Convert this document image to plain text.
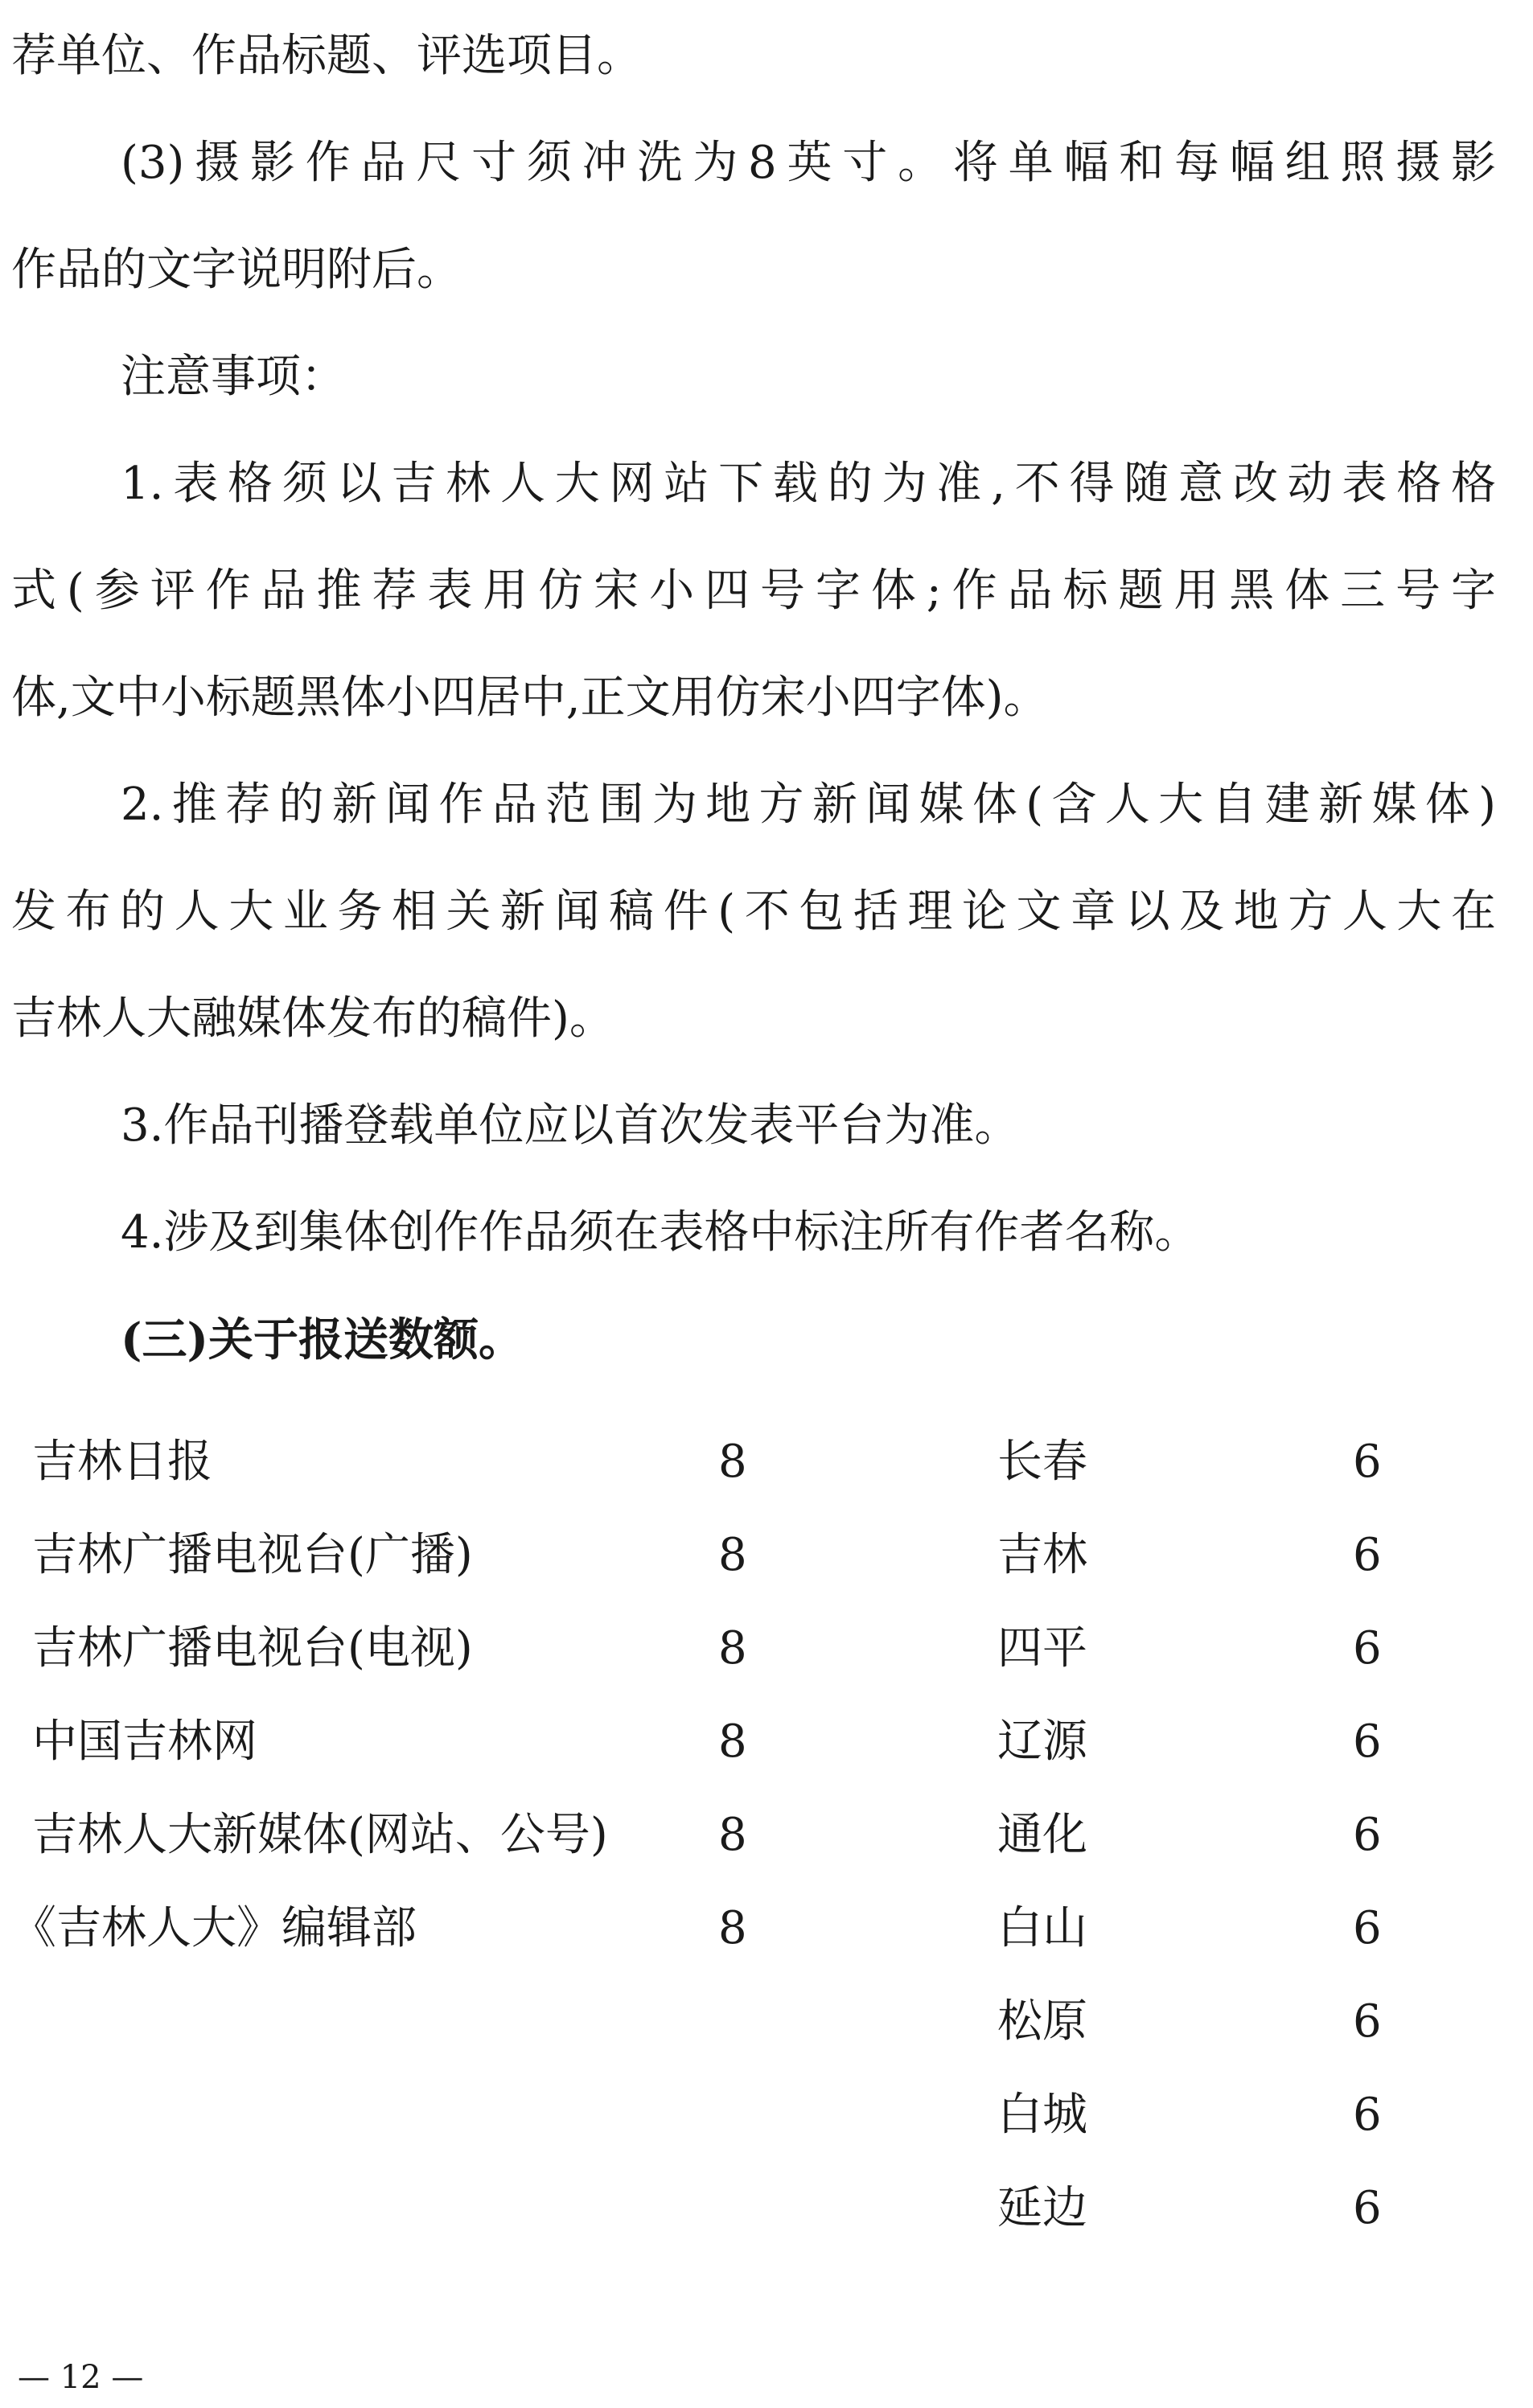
荐单位、作品标题、评选项目。
(3)摄影作品尺寸须冲洗为8英寸。将单幅和每幅组照摄影
作品的文字说明附后。
注意事项：
1.表格须以吉林人大网站下载的为准,不得随意改动表格格
式(参评作品推荐表用仿宋小四号字体;作品标题用黑体三号字
体,文中小标题黑体小四居中,正文用仿宋小四字体)。
2.推荐的新闻作品范围为地方新闻媒体(含人大自建新媒体)
发布的人大业务相关新闻稿件(不包括理论文章以及地方人大在
吉林人大融媒体发布的稿件)。
3.作品刊播登载单位应以首次发表平台为准。
4.涉及到集体创作作品须在表格中标注所有作者名称。
(三)关于报送数额。
吉林日报	8
吉林广播电视台(广播)	8
吉林广播电视台(电视)	8
中国吉林网	8
吉林人大新媒体(网站、公号) 8
《吉林人大》编辑部	8
长春	6
吉林	6
四平	6
辽源	6
通化	6
白山	6
松原	6
白城	6
延边	6
— 12 —
